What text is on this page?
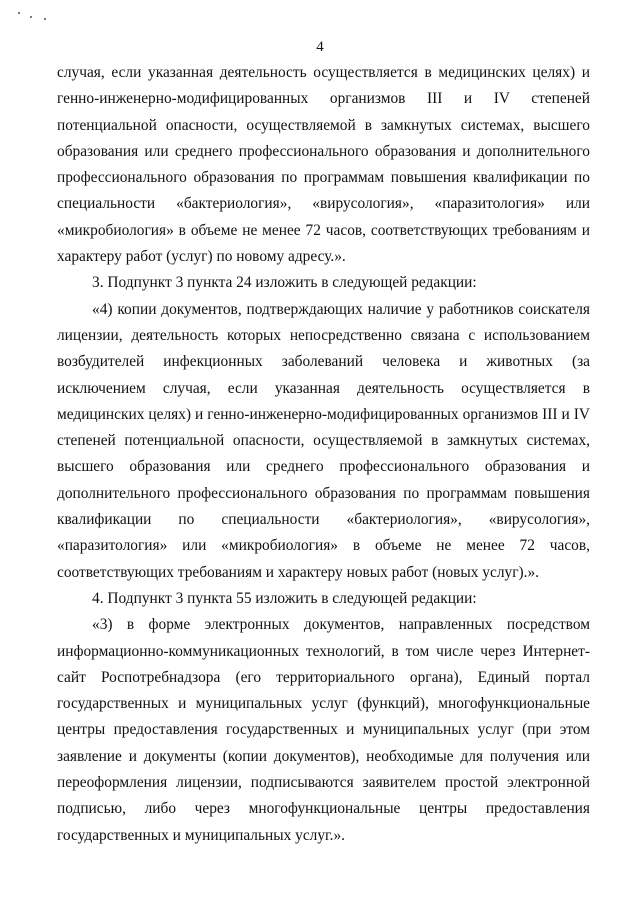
4

случая, если указанная деятельность осуществляется в медицинских целях) и генно-инженерно-модифицированных организмов III и IV степеней потенциальной опасности, осуществляемой в замкнутых системах, высшего образования или среднего профессионального образования и дополнительного профессионального образования по программам повышения квалификации по специальности «бактериология», «вирусология», «паразитология» или «микробиология» в объеме не менее 72 часов, соответствующих требованиям и характеру работ (услуг) по новому адресу.».

3. Подпункт 3 пункта 24 изложить в следующей редакции:

«4) копии документов, подтверждающих наличие у работников соискателя лицензии, деятельность которых непосредственно связана с использованием возбудителей инфекционных заболеваний человека и животных (за исключением случая, если указанная деятельность осуществляется в медицинских целях) и генно-инженерно-модифицированных организмов III и IV степеней потенциальной опасности, осуществляемой в замкнутых системах, высшего образования или среднего профессионального образования и дополнительного профессионального образования по программам повышения квалификации по специальности «бактериология», «вирусология», «паразитология» или «микробиология» в объеме не менее 72 часов, соответствующих требованиям и характеру новых работ (новых услуг).».

4. Подпункт 3 пункта 55 изложить в следующей редакции:

«3) в форме электронных документов, направленных посредством информационно-коммуникационных технологий, в том числе через Интернет-сайт Роспотребнадзора (его территориального органа), Единый портал государственных и муниципальных услуг (функций), многофункциональные центры предоставления государственных и муниципальных услуг (при этом заявление и документы (копии документов), необходимые для получения или переоформления лицензии, подписываются заявителем простой электронной подписью, либо через многофункциональные центры предоставления государственных и муниципальных услуг.».
